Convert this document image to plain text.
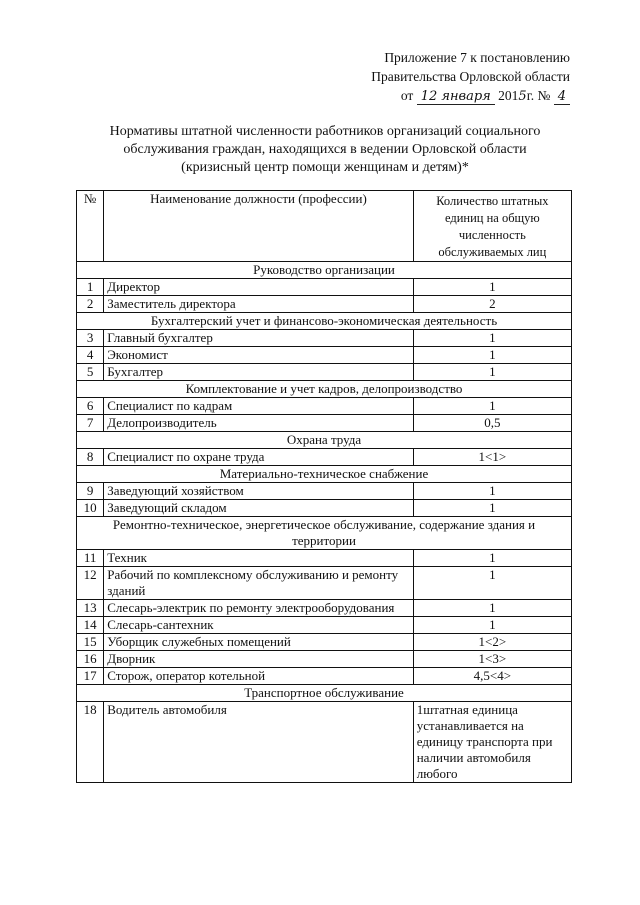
Приложение 7 к постановлению
Правительства Орловской области
от 12 января 2015г. № 4
Нормативы штатной численности работников организаций социального
обслуживания граждан, находящихся в ведении Орловской области
(кризисный центр помощи женщинам и детям)*
№	Наименование должности (профессии)	Количество штатных единиц на общую численность обслуживаемых лиц

Руководство организации		
1	Директор	1
2	Заместитель директора	2
Бухгалтерский учет и финансово-экономическая деятельность		
3	Главный бухгалтер	1
4	Экономист	1
5	Бухгалтер	1
Комплектование и учет кадров, делопроизводство		
6	Специалист по кадрам	1
7	Делопроизводитель	0,5
Охрана труда		
8	Специалист по охране труда	1<1>
Материально-техническое снабжение		
9	Заведующий хозяйством	1
10	Заведующий складом	1
Ремонтно-техническое, энергетическое обслуживание, содержание здания и территории		
11	Техник	1
12	Рабочий по комплексному обслуживанию и ремонту зданий	1
13	Слесарь-электрик по ремонту электрооборудования	1
14	Слесарь-сантехник	1
15	Уборщик служебных помещений	1<2>
16	Дворник	1<3>
17	Сторож, оператор котельной	4,5<4>
Транспортное обслуживание		
18	Водитель автомобиля	1штатная единица устанавливается на единицу транспорта при наличии автомобиля любого
